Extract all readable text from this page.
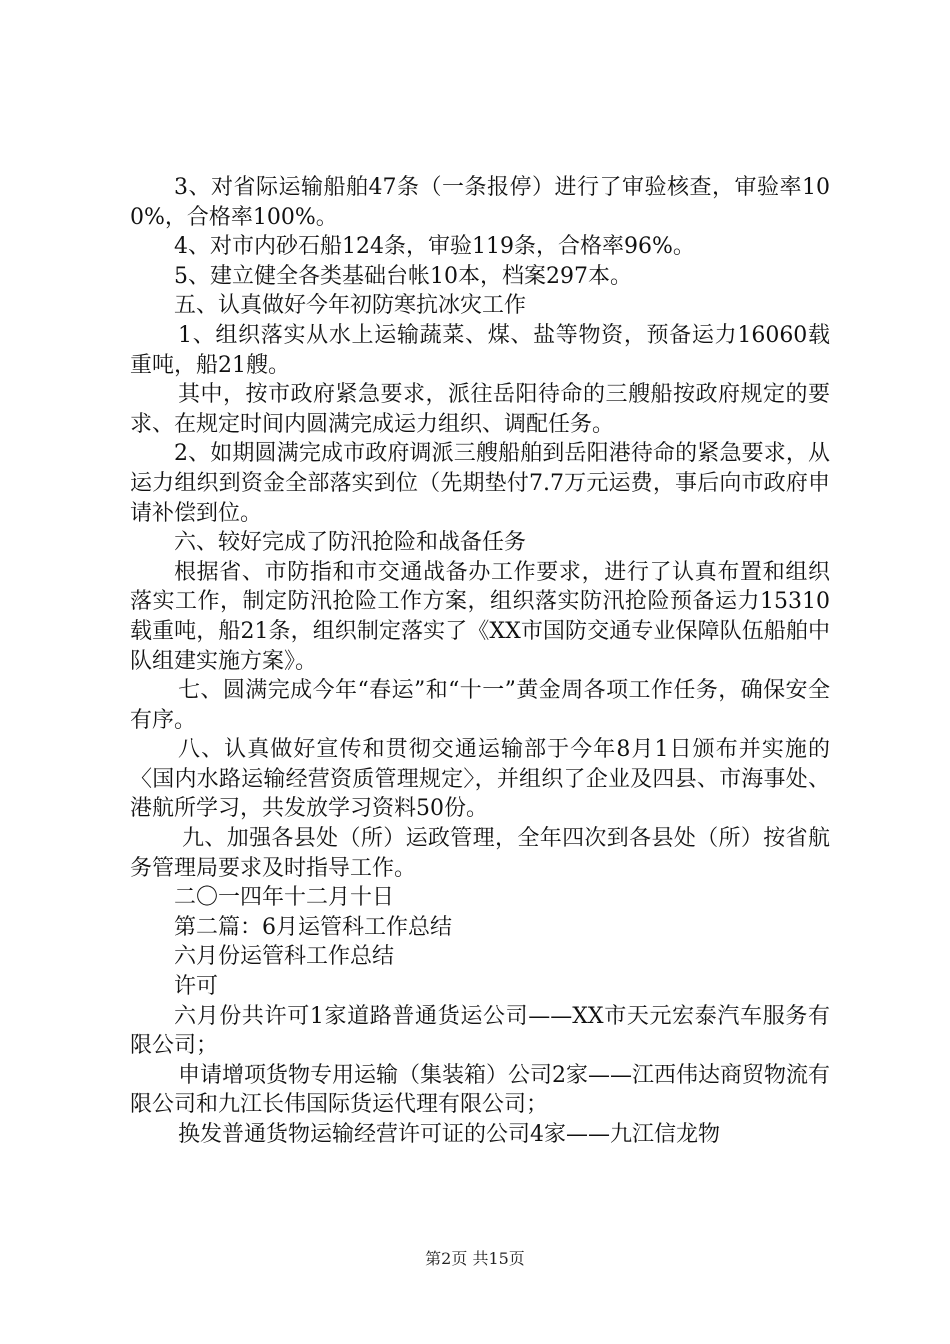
3、对省际运输船舶47条（一条报停）进行了审验核查，审验率100%，合格率100%。

4、对市内砂石船124条，审验119条，合格率96%。

5、建立健全各类基础台帐10本，档案297本。

五、认真做好今年初防寒抗冰灾工作

1、组织落实从水上运输蔬菜、煤、盐等物资，预备运力16060载重吨，船21艘。

其中，按市政府紧急要求，派往岳阳待命的三艘船按政府规定的要求、在规定时间内圆满完成运力组织、调配任务。

2、如期圆满完成市政府调派三艘船舶到岳阳港待命的紧急要求，从运力组织到资金全部落实到位（先期垫付7.7万元运费，事后向市政府申请补偿到位。

六、较好完成了防汛抢险和战备任务

根据省、市防指和市交通战备办工作要求，进行了认真布置和组织落实工作，制定防汛抢险工作方案，组织落实防汛抢险预备运力15310载重吨，船21条，组织制定落实了《XX市国防交通专业保障队伍船舶中队组建实施方案》。

七、圆满完成今年“春运”和“十一”黄金周各项工作任务，确保安全有序。

八、认真做好宣传和贯彻交通运输部于今年8月1日颁布并实施的〈国内水路运输经营资质管理规定〉，并组织了企业及四县、市海事处、港航所学习，共发放学习资料50份。

九、加强各县处（所）运政管理，全年四次到各县处（所）按省航务管理局要求及时指导工作。

二〇一四年十二月十日

第二篇：6月运管科工作总结

六月份运管科工作总结

许可

六月份共许可1家道路普通货运公司——XX市天元宏泰汽车服务有限公司；

申请增项货物专用运输（集装箱）公司2家——江西伟达商贸物流有限公司和九江长伟国际货运代理有限公司；

换发普通货物运输经营许可证的公司4家——九江信龙物

第2页 共15页
